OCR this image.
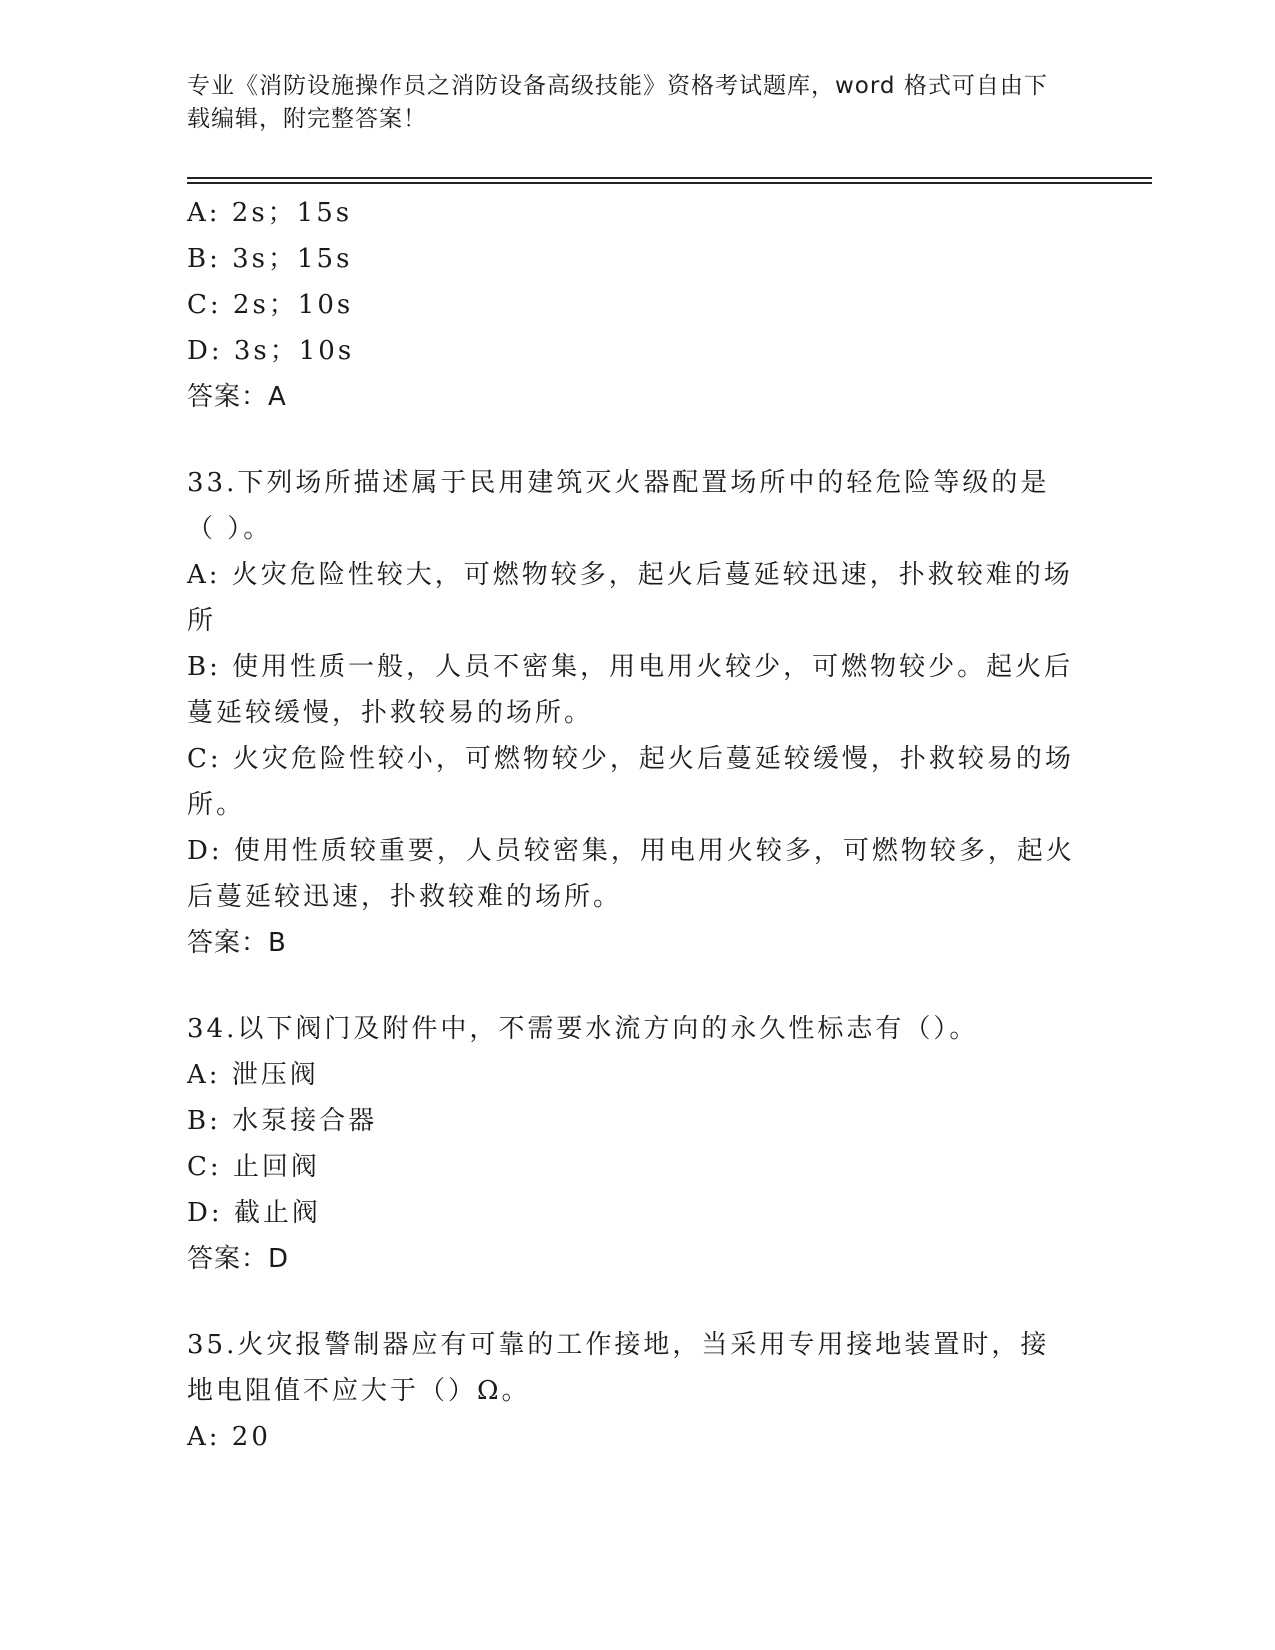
专业《消防设施操作员之消防设备高级技能》资格考试题库，word 格式可自由下载编辑，附完整答案！
A: 2s；15s
B: 3s；15s
C: 2s；10s
D: 3s；10s
答案：A
33.下列场所描述属于民用建筑灭火器配置场所中的轻危险等级的是（ ）。
A: 火灾危险性较大，可燃物较多，起火后蔓延较迅速，扑救较难的场所
B: 使用性质一般，人员不密集，用电用火较少，可燃物较少。起火后蔓延较缓慢，扑救较易的场所。
C: 火灾危险性较小，可燃物较少，起火后蔓延较缓慢，扑救较易的场所。
D: 使用性质较重要，人员较密集，用电用火较多，可燃物较多，起火后蔓延较迅速，扑救较难的场所。
答案：B
34.以下阀门及附件中，不需要水流方向的永久性标志有（）。
A: 泄压阀
B: 水泵接合器
C: 止回阀
D: 截止阀
答案：D
35.火灾报警制器应有可靠的工作接地，当采用专用接地装置时，接地电阻值不应大于（）Ω。
A: 20
